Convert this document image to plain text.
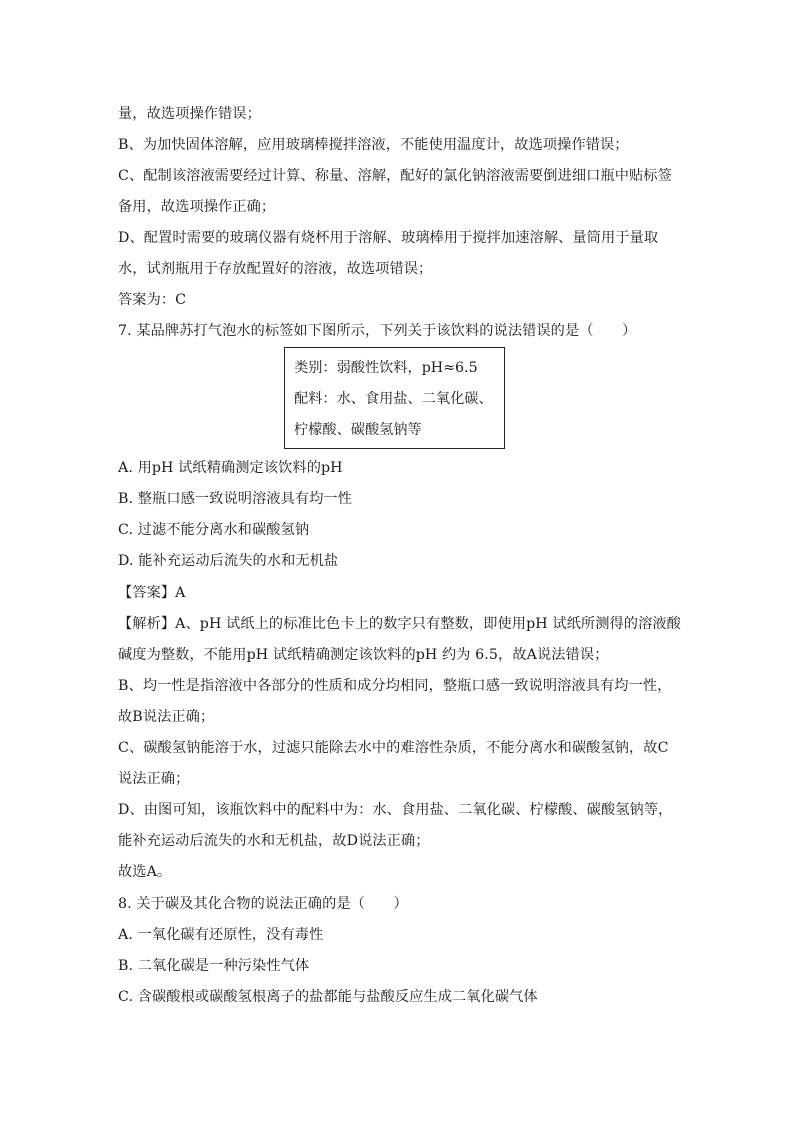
量，故选项操作错误；
B、为加快固体溶解，应用玻璃棒搅拌溶液，不能使用温度计，故选项操作错误；
C、配制该溶液需要经过计算、称量、溶解，配好的氯化钠溶液需要倒进细口瓶中贴标签
备用，故选项操作正确；
D、配置时需要的玻璃仪器有烧杯用于溶解、玻璃棒用于搅拌加速溶解、量筒用于量取
水，试剂瓶用于存放配置好的溶液，故选项错误；
答案为：C
7. 某品牌苏打气泡水的标签如下图所示，下列关于该饮料的说法错误的是（　　）
类别：弱酸性饮料，pH≈6.5
配料：水、食用盐、二氧化碳、
柠檬酸、碳酸氢钠等
A. 用pH 试纸精确测定该饮料的pH
B. 整瓶口感一致说明溶液具有均一性
C. 过滤不能分离水和碳酸氢钠
D. 能补充运动后流失的水和无机盐
【答案】A
【解析】A、pH 试纸上的标准比色卡上的数字只有整数，即使用pH 试纸所测得的溶液酸
碱度为整数，不能用pH 试纸精确测定该饮料的pH 约为 6.5，故A说法错误；
B、均一性是指溶液中各部分的性质和成分均相同，整瓶口感一致说明溶液具有均一性，
故B说法正确；
C、碳酸氢钠能溶于水，过滤只能除去水中的难溶性杂质，不能分离水和碳酸氢钠，故C
说法正确；
D、由图可知，该瓶饮料中的配料中为：水、食用盐、二氧化碳、柠檬酸、碳酸氢钠等，
能补充运动后流失的水和无机盐，故D说法正确；
故选A。
8. 关于碳及其化合物的说法正确的是（　　）
A. 一氧化碳有还原性，没有毒性
B. 二氧化碳是一种污染性气体
C. 含碳酸根或碳酸氢根离子的盐都能与盐酸反应生成二氧化碳气体
